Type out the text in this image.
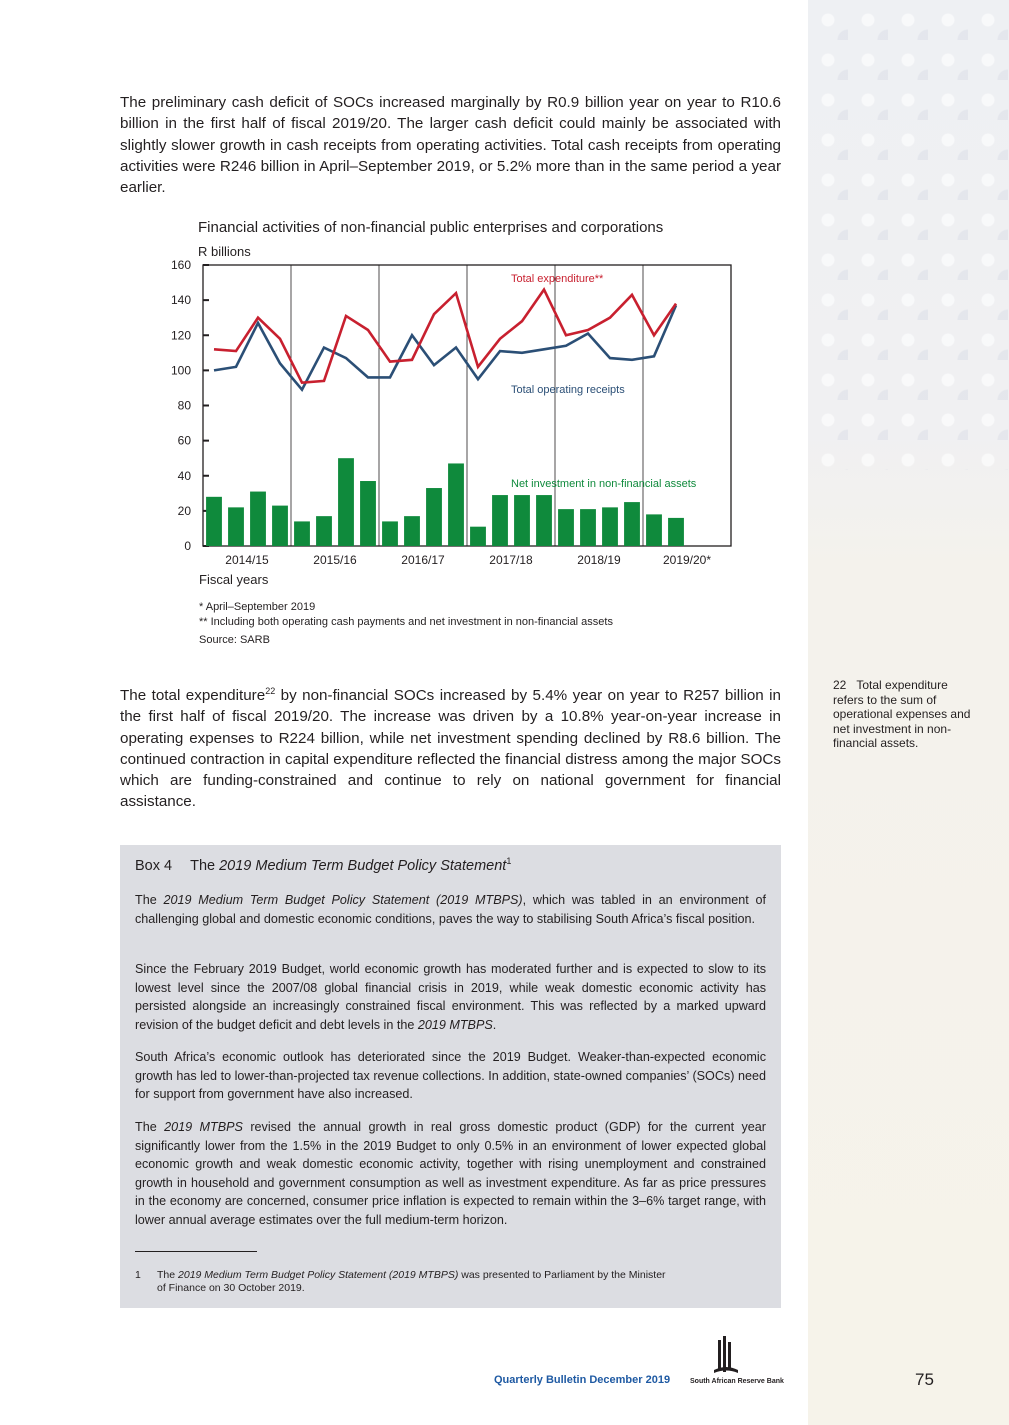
The preliminary cash deficit of SOCs increased marginally by R0.9 billion year on year to R10.6 billion in the first half of fiscal 2019/20. The larger cash deficit could mainly be associated with slightly slower growth in cash receipts from operating activities. Total cash receipts from operating activities were R246 billion in April–September 2019, or 5.2% more than in the same period a year earlier.

Financial activities of non-financial public enterprises and corporations
R billions
0
20
40
60
80
100
120
140
160
2014/15	2015/16	2016/17	2017/18	2018/19	2019/20*
Fiscal years
Total expenditure**
Total operating receipts
Net investment in non-financial assets
* April–September 2019
** Including both operating cash payments and net investment in non-financial assets
Source: SARB

The total expenditure$^{22}$ by non-financial SOCs increased by 5.4% year on year to R257 billion in the first half of fiscal 2019/20. The increase was driven by a 10.8% year-on-year increase in operating expenses to R224 billion, while net investment spending declined by R8.6 billion. The continued contraction in capital expenditure reflected the financial distress among the major SOCs which are funding-constrained and continue to rely on national government for financial assistance.

22 Total expenditure refers to the sum of operational expenses and net investment in non-financial assets.
Box 4 The 2019 Medium Term Budget Policy Statement$^1$

The 2019 Medium Term Budget Policy Statement (2019 MTBPS), which was tabled in an environment of challenging global and domestic economic conditions, paves the way to stabilising South Africa’s fiscal position.

Since the February 2019 Budget, world economic growth has moderated further and is expected to slow to its lowest level since the 2007/08 global financial crisis in 2019, while weak domestic economic activity has persisted alongside an increasingly constrained fiscal environment. This was reflected by a marked upward revision of the budget deficit and debt levels in the 2019 MTBPS.

South Africa’s economic outlook has deteriorated since the 2019 Budget. Weaker-than-expected economic growth has led to lower-than-projected tax revenue collections. In addition, state-owned companies’ (SOCs) need for support from government have also increased.

The 2019 MTBPS revised the annual growth in real gross domestic product (GDP) for the current year significantly lower from the 1.5% in the 2019 Budget to only 0.5% in an environment of lower expected global economic growth and weak domestic economic activity, together with rising unemployment and constrained growth in household and government consumption as well as investment expenditure. As far as price pressures in the economy are concerned, consumer price inflation is expected to remain within the 3–6% target range, with lower annual average estimates over the full medium-term horizon.

1 The 2019 Medium Term Budget Policy Statement (2019 MTBPS) was presented to Parliament by the Minister
of Finance on 30 October 2019.
Quarterly Bulletin December 2019	South African Reserve Bank	75
